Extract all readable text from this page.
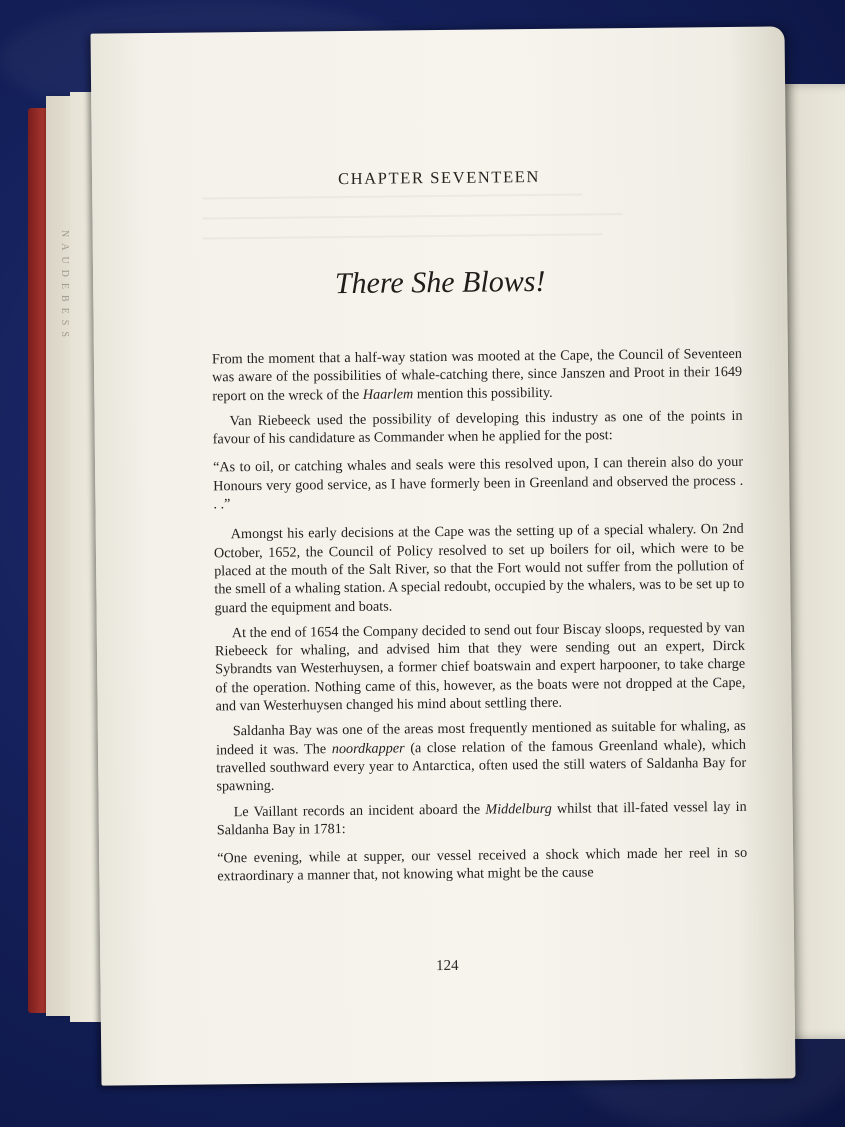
NAUDEBESS
CHAPTER SEVENTEEN
There She Blows!

From the moment that a half-way station was mooted at the Cape, the Council of Seventeen was aware of the possibilities of whale-catching there, since Janszen and Proot in their 1649 report on the wreck of the Haarlem mention this possibility.

Van Riebeeck used the possibility of developing this industry as one of the points in favour of his candidature as Commander when he applied for the post:

“As to oil, or catching whales and seals were this resolved upon, I can therein also do your Honours very good service, as I have formerly been in Greenland and observed the process . . .”

Amongst his early decisions at the Cape was the setting up of a special whalery. On 2nd October, 1652, the Council of Policy resolved to set up boilers for oil, which were to be placed at the mouth of the Salt River, so that the Fort would not suffer from the pollution of the smell of a whaling station. A special redoubt, occupied by the whalers, was to be set up to guard the equipment and boats.

At the end of 1654 the Company decided to send out four Biscay sloops, requested by van Riebeeck for whaling, and advised him that they were sending out an expert, Dirck Sybrandts van Westerhuysen, a former chief boatswain and expert harpooner, to take charge of the operation. Nothing came of this, however, as the boats were not dropped at the Cape, and van Westerhuysen changed his mind about settling there.

Saldanha Bay was one of the areas most frequently mentioned as suitable for whaling, as indeed it was. The noordkapper (a close relation of the famous Greenland whale), which travelled southward every year to Antarctica, often used the still waters of Saldanha Bay for spawning.

Le Vaillant records an incident aboard the Middelburg whilst that ill-fated vessel lay in Saldanha Bay in 1781:

“One evening, while at supper, our vessel received a shock which made her reel in so extraordinary a manner that, not knowing what might be the cause

124
